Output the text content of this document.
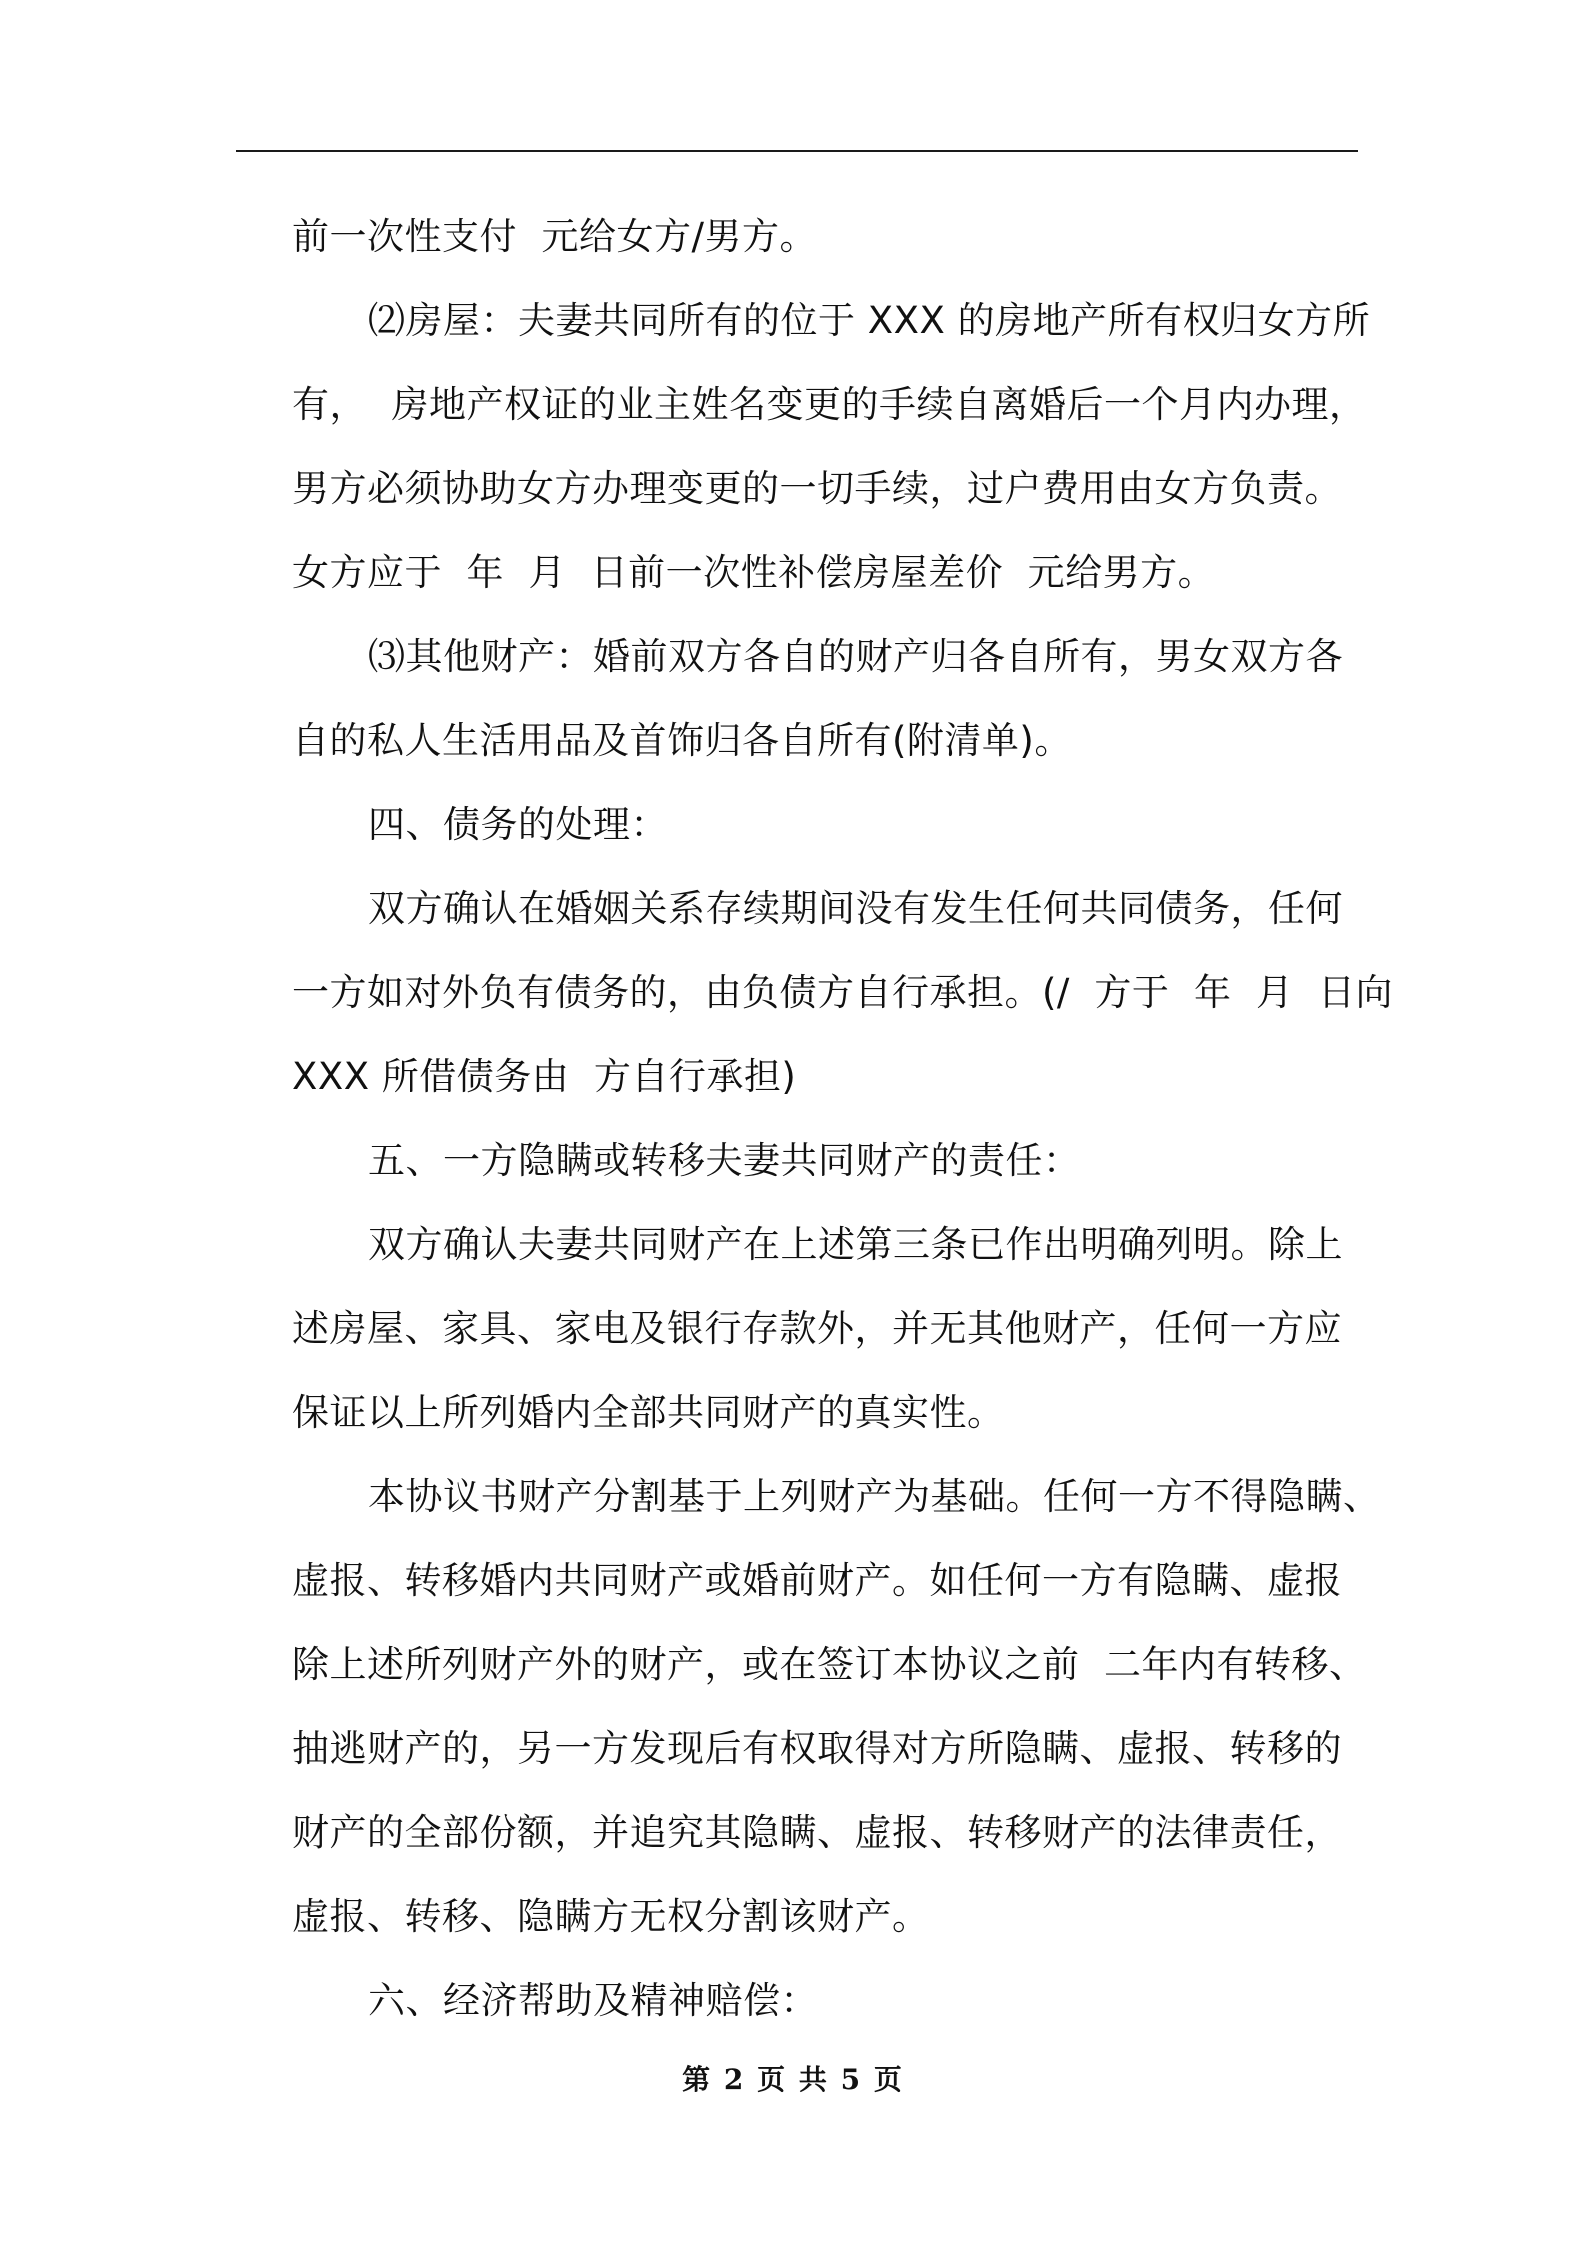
前一次性支付  元给女方/男方。
⑵房屋：夫妻共同所有的位于 XXX 的房地产所有权归女方所
有，  房地产权证的业主姓名变更的手续自离婚后一个月内办理，
男方必须协助女方办理变更的一切手续，过户费用由女方负责。
女方应于  年  月  日前一次性补偿房屋差价  元给男方。
⑶其他财产：婚前双方各自的财产归各自所有，男女双方各
自的私人生活用品及首饰归各自所有(附清单)。
四、债务的处理：
双方确认在婚姻关系存续期间没有发生任何共同债务，任何
一方如对外负有债务的，由负债方自行承担。(/  方于  年  月  日向
XXX 所借债务由  方自行承担)
五、一方隐瞒或转移夫妻共同财产的责任：
双方确认夫妻共同财产在上述第三条已作出明确列明。除上
述房屋、家具、家电及银行存款外，并无其他财产，任何一方应
保证以上所列婚内全部共同财产的真实性。
本协议书财产分割基于上列财产为基础。任何一方不得隐瞒、
虚报、转移婚内共同财产或婚前财产。如任何一方有隐瞒、虚报
除上述所列财产外的财产，或在签订本协议之前  二年内有转移、
抽逃财产的，另一方发现后有权取得对方所隐瞒、虚报、转移的
财产的全部份额，并追究其隐瞒、虚报、转移财产的法律责任，
虚报、转移、隐瞒方无权分割该财产。
六、经济帮助及精神赔偿：
第 2 页 共 5 页
